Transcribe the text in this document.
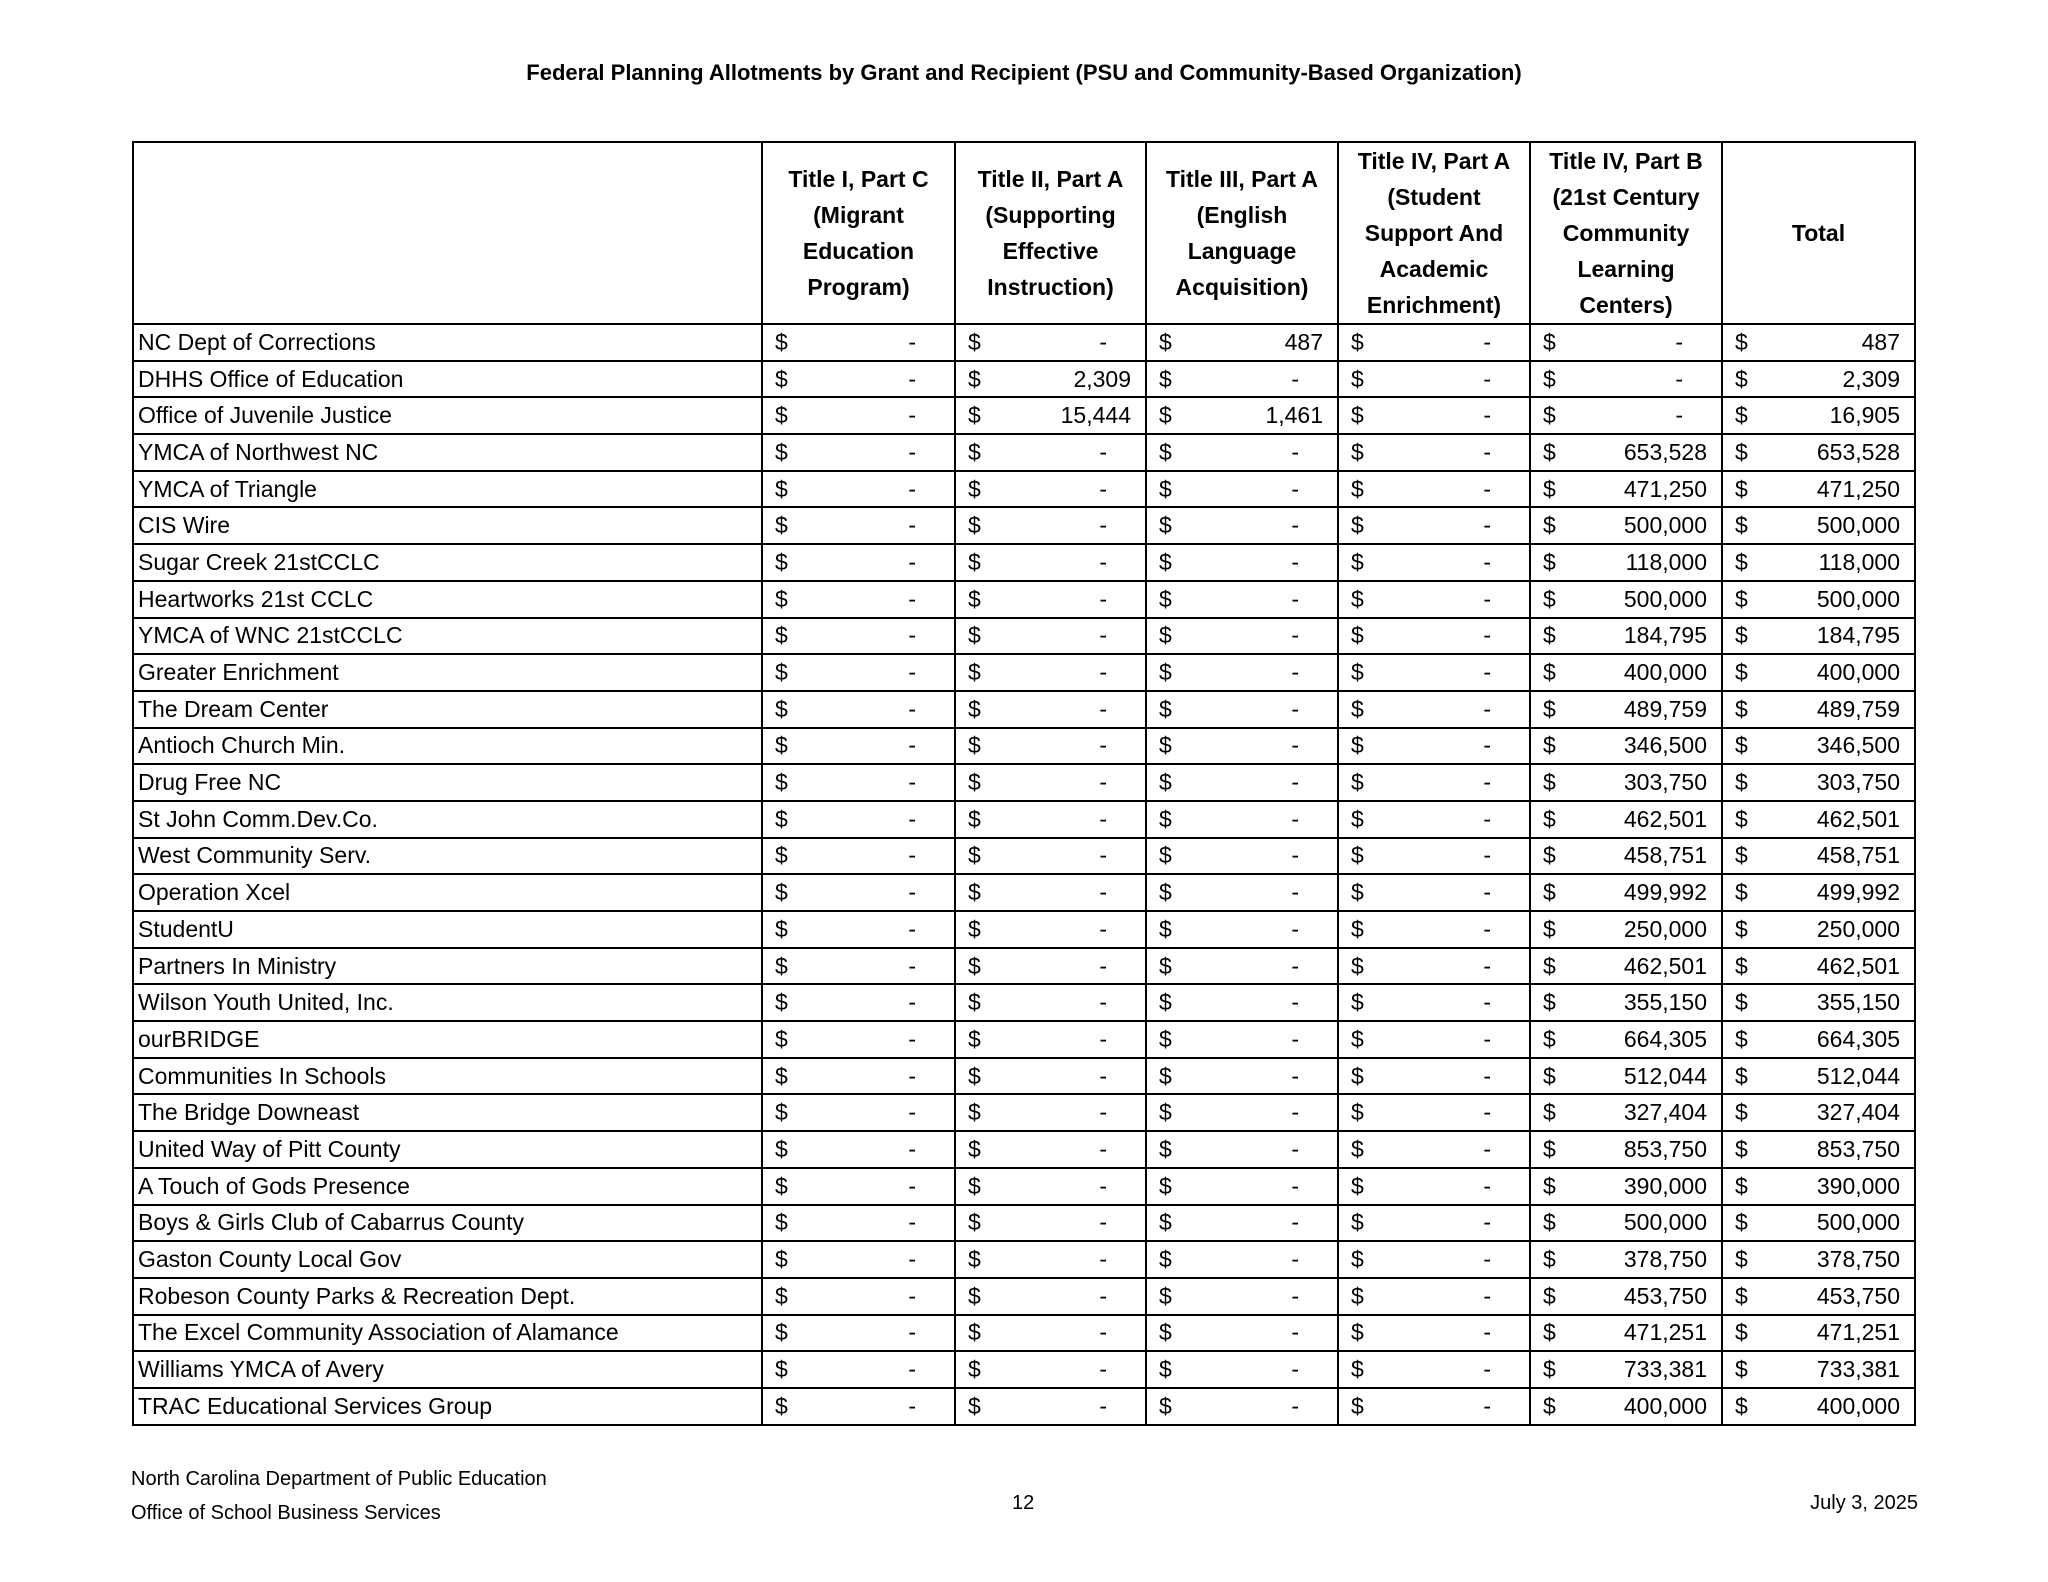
Federal Planning Allotments by Grant and Recipient (PSU and Community-Based Organization)
	Title I, Part C (Migrant Education Program)	Title II, Part A (Supporting Effective Instruction)	Title III, Part A (English Language Acquisition)	Title IV, Part A (Student Support And Academic Enrichment)	Title IV, Part B (21st Century Community Learning Centers)	Total
NC Dept of Corrections	$ -	$ -	$ 487	$ -	$ -	$ 487

DHHS Office of Education	$ -	$ 2,309	$ -	$ -	$ -	$ 2,309

Office of Juvenile Justice	$ -	$ 15,444	$ 1,461	$ -	$ -	$ 16,905

YMCA of Northwest NC	$ -	$ -	$ -	$ -	$ 653,528	$ 653,528

YMCA of Triangle	$ -	$ -	$ -	$ -	$ 471,250	$ 471,250

CIS Wire	$ -	$ -	$ -	$ -	$ 500,000	$ 500,000

Sugar Creek 21stCCLC	$ -	$ -	$ -	$ -	$ 118,000	$ 118,000

Heartworks 21st CCLC	$ -	$ -	$ -	$ -	$ 500,000	$ 500,000

YMCA of WNC 21stCCLC	$ -	$ -	$ -	$ -	$ 184,795	$ 184,795

Greater Enrichment	$ -	$ -	$ -	$ -	$ 400,000	$ 400,000

The Dream Center	$ -	$ -	$ -	$ -	$ 489,759	$ 489,759

Antioch Church Min.	$ -	$ -	$ -	$ -	$ 346,500	$ 346,500

Drug Free NC	$ -	$ -	$ -	$ -	$ 303,750	$ 303,750

St John Comm.Dev.Co.	$ -	$ -	$ -	$ -	$ 462,501	$ 462,501

West Community Serv.	$ -	$ -	$ -	$ -	$ 458,751	$ 458,751

Operation Xcel	$ -	$ -	$ -	$ -	$ 499,992	$ 499,992

StudentU	$ -	$ -	$ -	$ -	$ 250,000	$ 250,000

Partners In Ministry	$ -	$ -	$ -	$ -	$ 462,501	$ 462,501

Wilson Youth United, Inc.	$ -	$ -	$ -	$ -	$ 355,150	$ 355,150

ourBRIDGE	$ -	$ -	$ -	$ -	$ 664,305	$ 664,305

Communities In Schools	$ -	$ -	$ -	$ -	$ 512,044	$ 512,044

The Bridge Downeast	$ -	$ -	$ -	$ -	$ 327,404	$ 327,404

United Way of Pitt County	$ -	$ -	$ -	$ -	$ 853,750	$ 853,750

A Touch of Gods Presence	$ -	$ -	$ -	$ -	$ 390,000	$ 390,000

Boys & Girls Club of Cabarrus County	$ -	$ -	$ -	$ -	$ 500,000	$ 500,000

Gaston County Local Gov	$ -	$ -	$ -	$ -	$ 378,750	$ 378,750

Robeson County Parks & Recreation Dept.	$ -	$ -	$ -	$ -	$ 453,750	$ 453,750

The Excel Community Association of Alamance	$ -	$ -	$ -	$ -	$ 471,251	$ 471,251

Williams YMCA of Avery	$ -	$ -	$ -	$ -	$ 733,381	$ 733,381

TRAC Educational Services Group	$ -	$ -	$ -	$ -	$ 400,000	$ 400,000
North Carolina Department of Public Education
Office of School Business Services	12	July 3, 2025
